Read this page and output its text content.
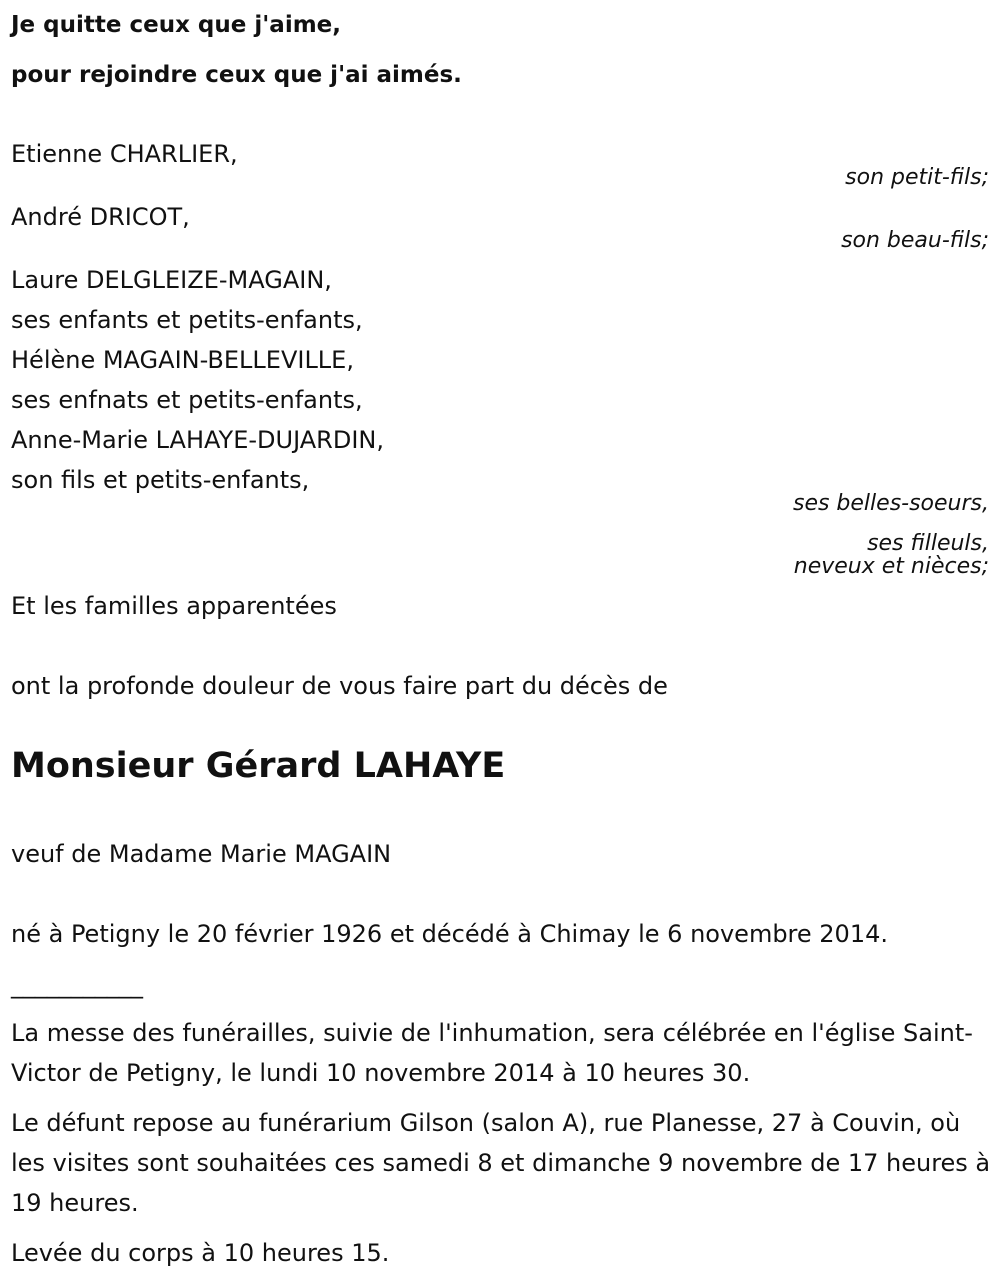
Je quitte ceux que j'aime,
pour rejoindre ceux que j'ai aimés.
Etienne CHARLIER,
son petit-fils;
André DRICOT,
son beau-fils;
Laure DELGLEIZE-MAGAIN,
ses enfants et petits-enfants,
Hélène MAGAIN-BELLEVILLE,
ses enfnats et petits-enfants,
Anne-Marie LAHAYE-DUJARDIN,
son fils et petits-enfants,
ses belles-soeurs,
ses filleuls,
neveux et nièces;
Et les familles apparentées
ont la profonde douleur de vous faire part du décès de
Monsieur Gérard LAHAYE
veuf de Madame Marie MAGAIN
né à Petigny le 20 février 1926 et décédé à Chimay le 6 novembre 2014.
___________
La messe des funérailles, suivie de l'inhumation, sera célébrée en l'église Saint-Victor de Petigny, le lundi 10 novembre 2014 à 10 heures 30.
Le défunt repose au funérarium Gilson (salon A), rue Planesse, 27 à Couvin, où les visites sont souhaitées ces samedi 8 et dimanche 9 novembre de 17 heures à 19 heures.
Levée du corps à 10 heures 15.
